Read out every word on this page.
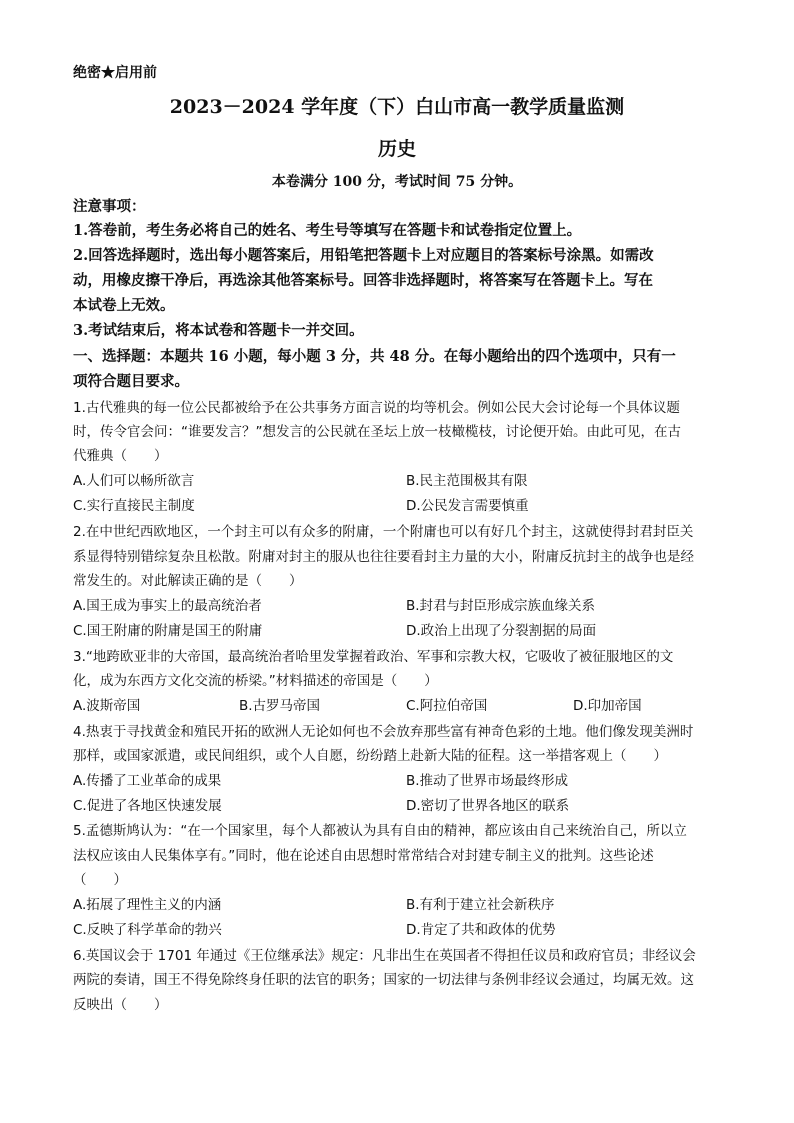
绝密★启用前
2023－2024 学年度（下）白山市高一教学质量监测
历史
本卷满分 100 分，考试时间 75 分钟。
注意事项：
1.答卷前，考生务必将自己的姓名、考生号等填写在答题卡和试卷指定位置上。
2.回答选择题时，选出每小题答案后，用铅笔把答题卡上对应题目的答案标号涂黑。如需改
动，用橡皮擦干净后，再选涂其他答案标号。回答非选择题时，将答案写在答题卡上。写在
本试卷上无效。
3.考试结束后，将本试卷和答题卡一并交回。
一、选择题：本题共 16 小题，每小题 3 分，共 48 分。在每小题给出的四个选项中，只有一
项符合题目要求。
1.古代雅典的每一位公民都被给予在公共事务方面言说的均等机会。例如公民大会讨论每一个具体议题
时，传令官会问：“谁要发言？”想发言的公民就在圣坛上放一枝橄榄枝，讨论便开始。由此可见，在古
代雅典（　　）
A.人们可以畅所欲言	B.民主范围极其有限
C.实行直接民主制度	D.公民发言需要慎重
2.在中世纪西欧地区，一个封主可以有众多的附庸，一个附庸也可以有好几个封主，这就使得封君封臣关
系显得特别错综复杂且松散。附庸对封主的服从也往往要看封主力量的大小，附庸反抗封主的战争也是经
常发生的。对此解读正确的是（　　）
A.国王成为事实上的最高统治者	B.封君与封臣形成宗族血缘关系
C.国王附庸的附庸是国王的附庸	D.政治上出现了分裂割据的局面
3.“地跨欧亚非的大帝国，最高统治者哈里发掌握着政治、军事和宗教大权，它吸收了被征服地区的文
化，成为东西方文化交流的桥梁。”材料描述的帝国是（　　）
A.波斯帝国	B.古罗马帝国	C.阿拉伯帝国	D.印加帝国
4.热衷于寻找黄金和殖民开拓的欧洲人无论如何也不会放弃那些富有神奇色彩的土地。他们像发现美洲时
那样，或国家派遣，或民间组织，或个人自愿，纷纷踏上赴新大陆的征程。这一举措客观上（　　）
A.传播了工业革命的成果	B.推动了世界市场最终形成
C.促进了各地区快速发展	D.密切了世界各地区的联系
5.孟德斯鸠认为：“在一个国家里，每个人都被认为具有自由的精神，都应该由自己来统治自己，所以立
法权应该由人民集体享有。”同时，他在论述自由思想时常常结合对封建专制主义的批判。这些论述
（　　）
A.拓展了理性主义的内涵	B.有利于建立社会新秩序
C.反映了科学革命的勃兴	D.肯定了共和政体的优势
6.英国议会于 1701 年通过《王位继承法》规定：凡非出生在英国者不得担任议员和政府官员；非经议会
两院的奏请，国王不得免除终身任职的法官的职务；国家的一切法律与条例非经议会通过，均属无效。这
反映出（　　）
